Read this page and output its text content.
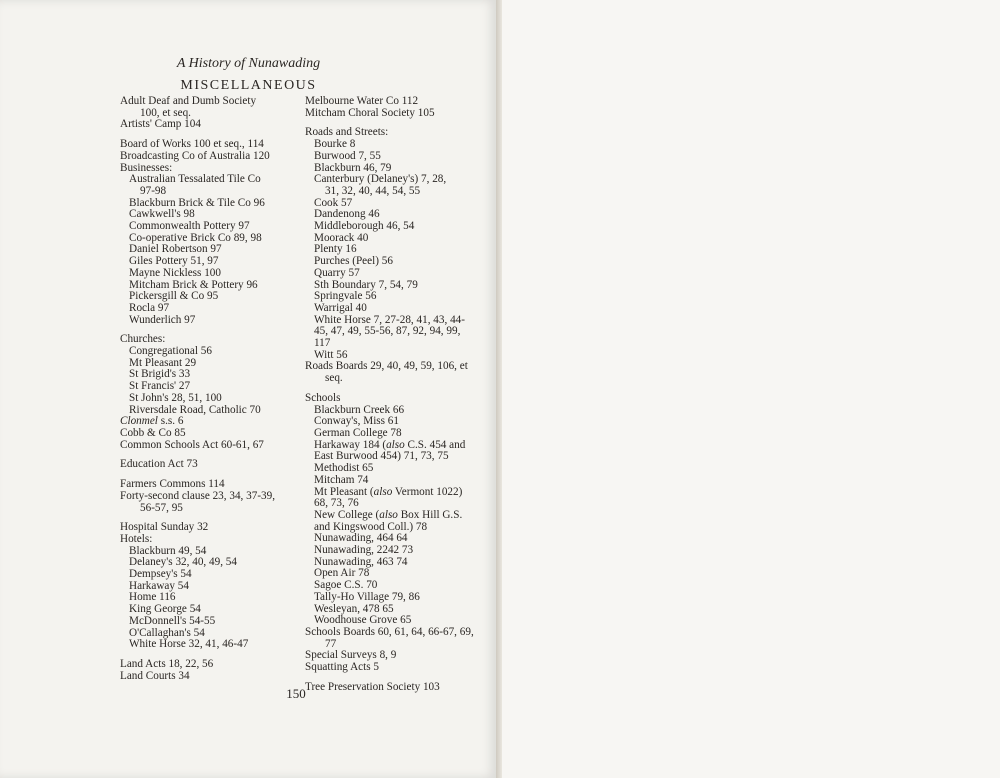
A History of Nunawading
MISCELLANEOUS
Adult Deaf and Dumb Society
100, et seq.
Artists' Camp 104
Board of Works 100 et seq., 114
Broadcasting Co of Australia 120
Businesses:
Australian Tessalated Tile Co
97-98
Blackburn Brick & Tile Co 96
Cawkwell's 98
Commonwealth Pottery 97
Co-operative Brick Co 89, 98
Daniel Robertson 97
Giles Pottery 51, 97
Mayne Nickless 100
Mitcham Brick & Pottery 96
Pickersgill & Co 95
Rocla 97
Wunderlich 97
Churches:
Congregational 56
Mt Pleasant 29
St Brigid's 33
St Francis' 27
St John's 28, 51, 100
Riversdale Road, Catholic 70
Clonmel s.s. 6
Cobb & Co 85
Common Schools Act 60-61, 67
Education Act 73
Farmers Commons 114
Forty-second clause 23, 34, 37-39,
56-57, 95
Hospital Sunday 32
Hotels:
Blackburn 49, 54
Delaney's 32, 40, 49, 54
Dempsey's 54
Harkaway 54
Home 116
King George 54
McDonnell's 54-55
O'Callaghan's 54
White Horse 32, 41, 46-47
Land Acts 18, 22, 56
Land Courts 34
Melbourne Water Co 112
Mitcham Choral Society 105
Roads and Streets:
Bourke 8
Burwood 7, 55
Blackburn 46, 79
Canterbury (Delaney's) 7, 28,
31, 32, 40, 44, 54, 55
Cook 57
Dandenong 46
Middleborough 46, 54
Moorack 40
Plenty 16
Purches (Peel) 56
Quarry 57
Sth Boundary 7, 54, 79
Springvale 56
Warrigal 40
White Horse 7, 27-28, 41, 43, 44-
45, 47, 49, 55-56, 87, 92, 94, 99, 117
Witt 56
Roads Boards 29, 40, 49, 59, 106, et
seq.
Schools
Blackburn Creek 66
Conway's, Miss 61
German College 78
Harkaway 184 (also C.S. 454 and
East Burwood 454) 71, 73, 75
Methodist 65
Mitcham 74
Mt Pleasant (also Vermont 1022)
68, 73, 76
New College (also Box Hill G.S.
and Kingswood Coll.) 78
Nunawading, 464 64
Nunawading, 2242 73
Nunawading, 463 74
Open Air 78
Sagoe C.S. 70
Tally-Ho Village 79, 86
Wesleyan, 478 65
Woodhouse Grove 65
Schools Boards 60, 61, 64, 66-67, 69,
77
Special Surveys 8, 9
Squatting Acts 5
Tree Preservation Society 103
150
